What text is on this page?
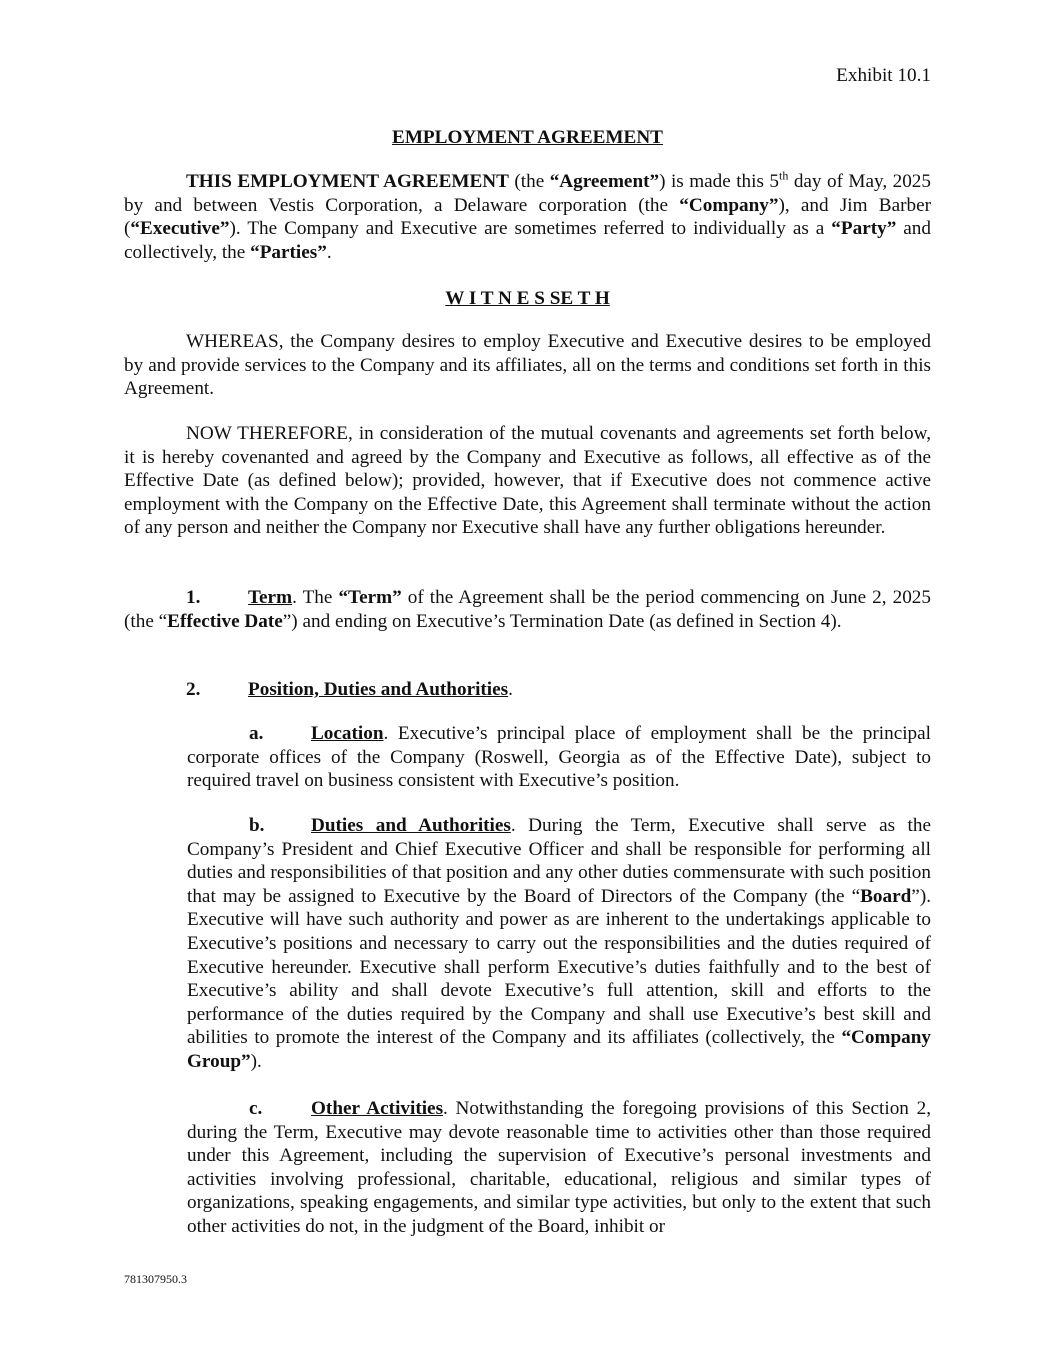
Exhibit 10.1
EMPLOYMENT AGREEMENT

THIS EMPLOYMENT AGREEMENT (the “Agreement”) is made this 5th day of May, 2025 by and between Vestis Corporation, a Delaware corporation (the “Company”), and Jim Barber (“Executive”). The Company and Executive are sometimes referred to individually as a “Party” and collectively, the “Parties”.

W I T N E S SE T H

WHEREAS, the Company desires to employ Executive and Executive desires to be employed by and provide services to the Company and its affiliates, all on the terms and conditions set forth in this Agreement.

NOW THEREFORE, in consideration of the mutual covenants and agreements set forth below, it is hereby covenanted and agreed by the Company and Executive as follows, all effective as of the Effective Date (as defined below); provided, however, that if Executive does not commence active employment with the Company on the Effective Date, this Agreement shall terminate without the action of any person and neither the Company nor Executive shall have any further obligations hereunder.

1. Term. The “Term” of the Agreement shall be the period commencing on June 2, 2025 (the “Effective Date”) and ending on Executive’s Termination Date (as defined in Section 4).

2. Position, Duties and Authorities.

a. Location. Executive’s principal place of employment shall be the principal corporate offices of the Company (Roswell, Georgia as of the Effective Date), subject to required travel on business consistent with Executive’s position.

b. Duties and Authorities. During the Term, Executive shall serve as the Company’s President and Chief Executive Officer and shall be responsible for performing all duties and responsibilities of that position and any other duties commensurate with such position that may be assigned to Executive by the Board of Directors of the Company (the “Board”). Executive will have such authority and power as are inherent to the undertakings applicable to Executive’s positions and necessary to carry out the responsibilities and the duties required of Executive hereunder. Executive shall perform Executive’s duties faithfully and to the best of Executive’s ability and shall devote Executive’s full attention, skill and efforts to the performance of the duties required by the Company and shall use Executive’s best skill and abilities to promote the interest of the Company and its affiliates (collectively, the “Company Group”).

c.	Other Activities. Notwithstanding the foregoing provisions of this Section 2, during the Term, Executive may devote reasonable time to activities other than those required under this Agreement, including the supervision of Executive’s personal investments and activities involving professional, charitable, educational, religious and similar types of organizations, speaking engagements, and similar type activities, but only to the extent that such other activities do not, in the judgment of the Board, inhibit or

781307950.3
